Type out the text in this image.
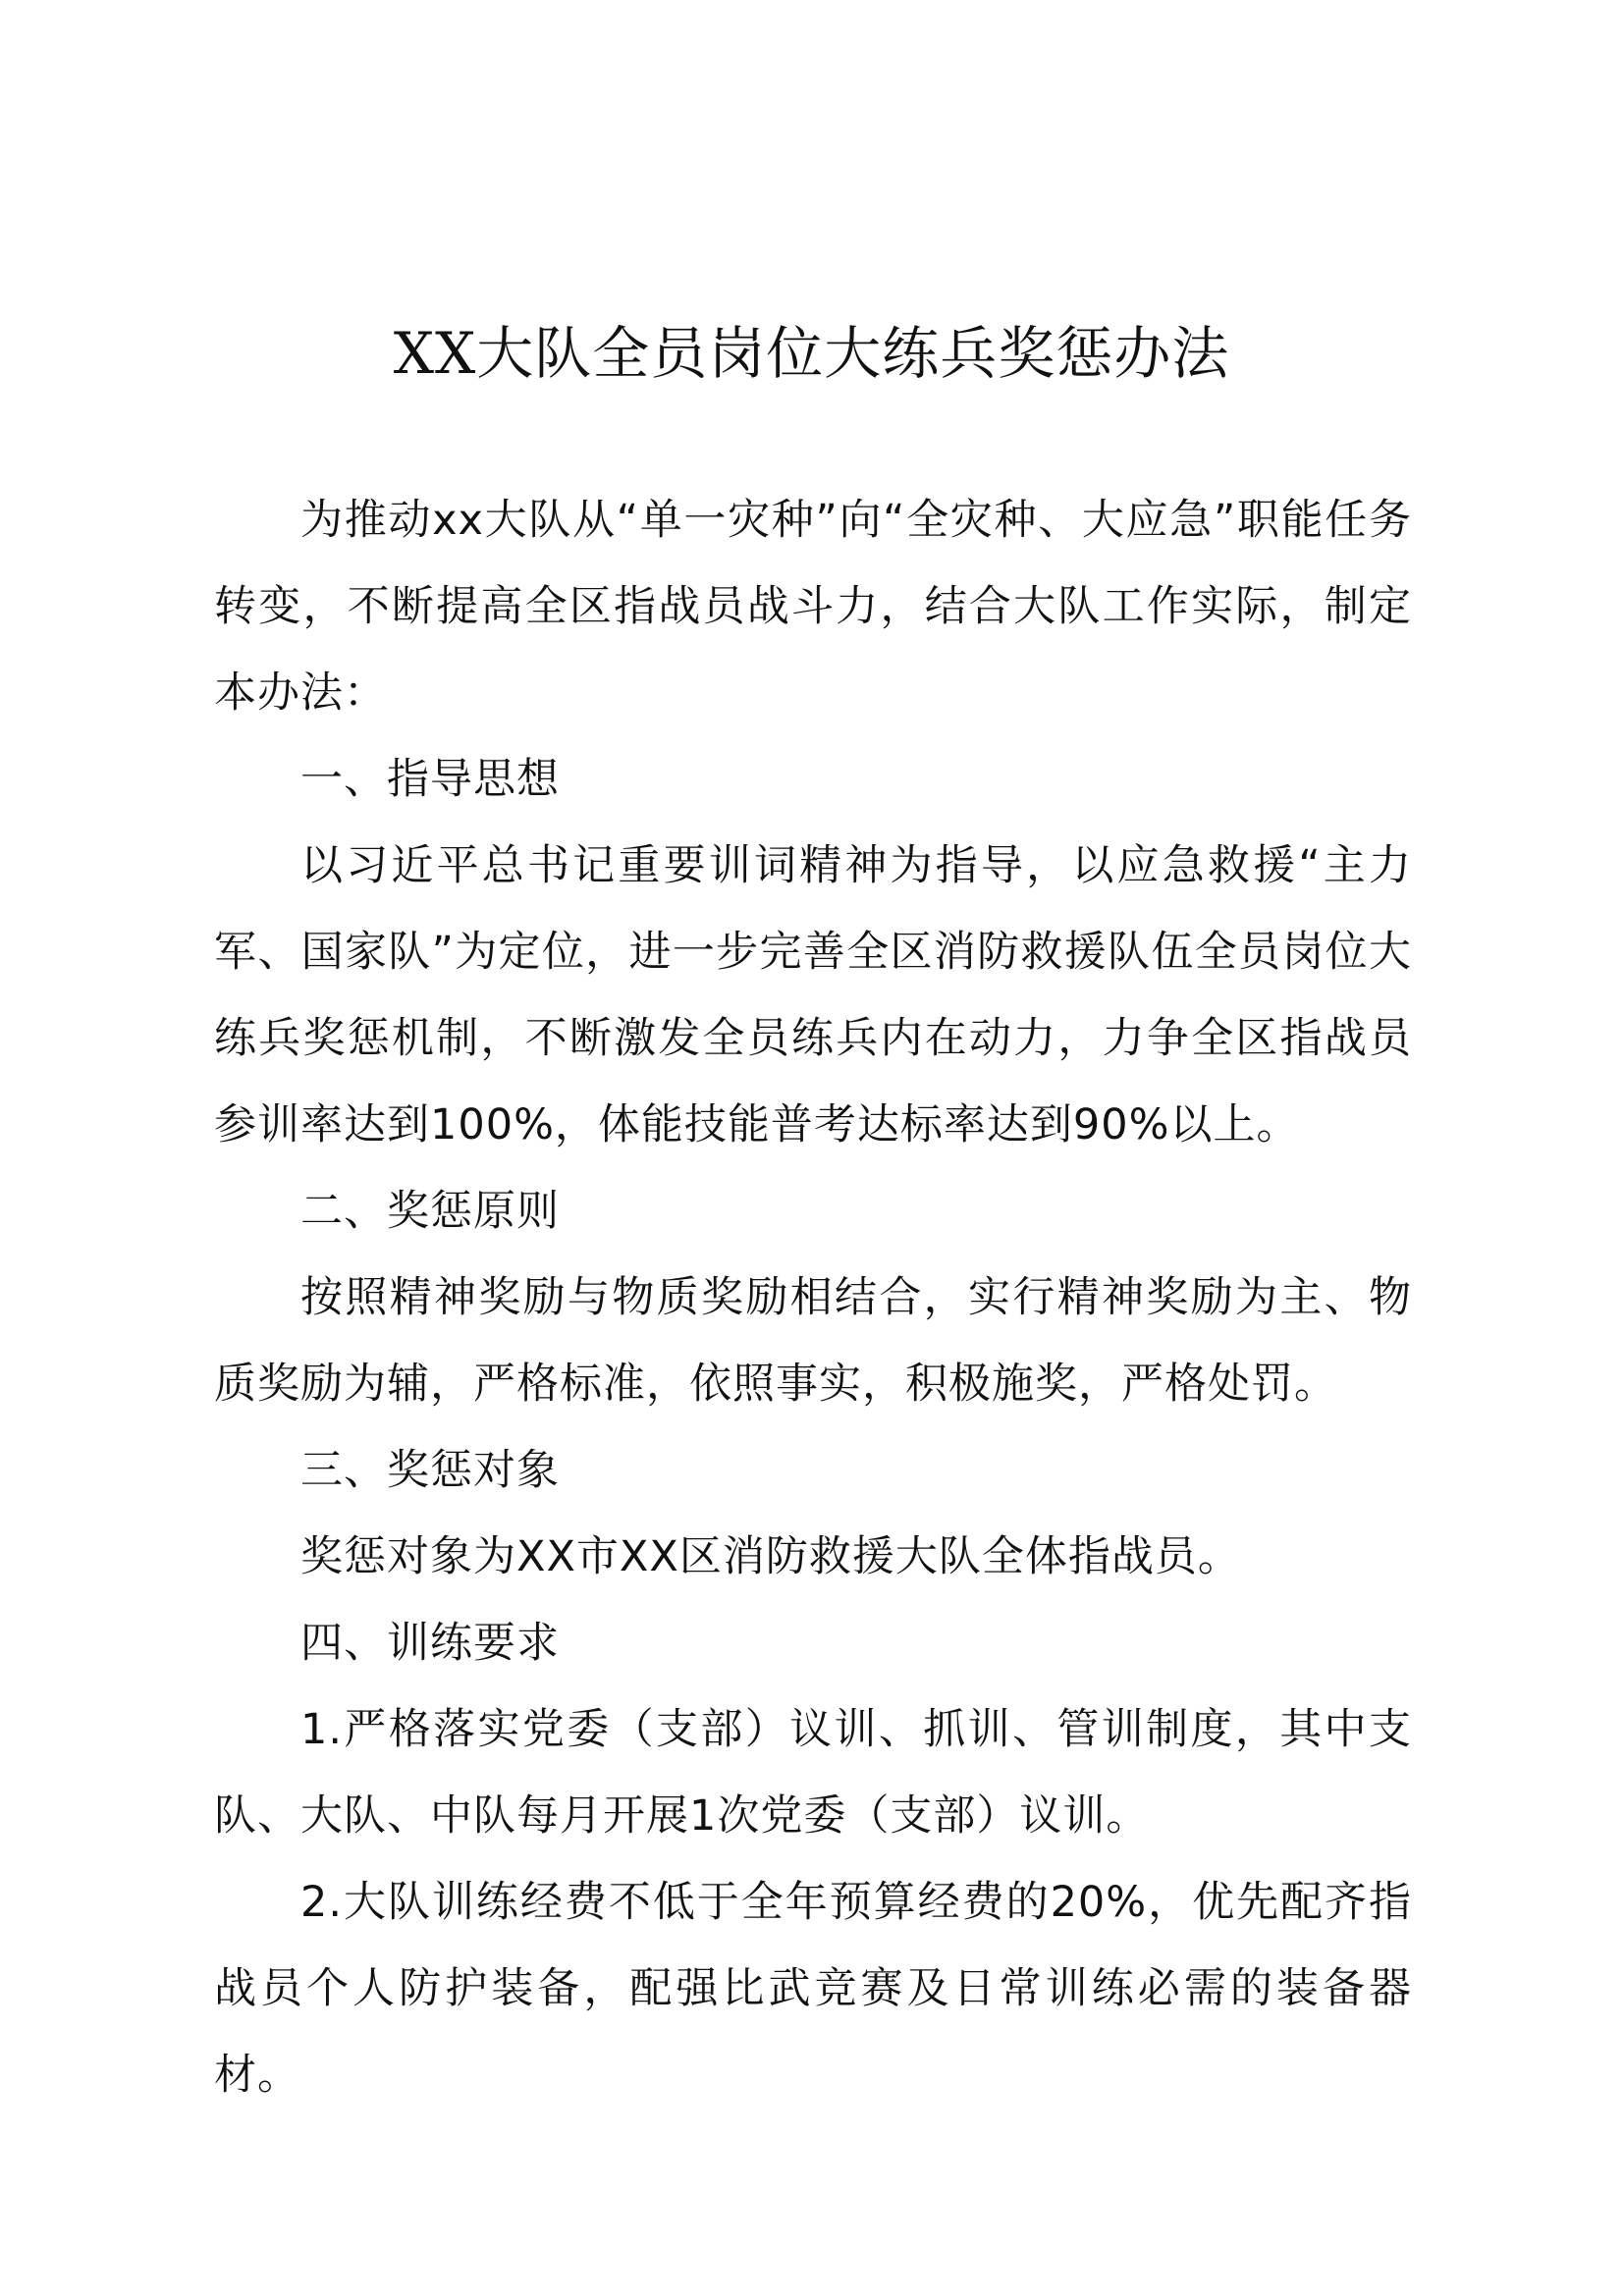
XX大队全员岗位大练兵奖惩办法

为推动xx大队从“单一灾种”向“全灾种、大应急”职能任务转变，不断提高全区指战员战斗力，结合大队工作实际，制定本办法：

一、指导思想

以习近平总书记重要训词精神为指导，以应急救援“主力军、国家队”为定位，进一步完善全区消防救援队伍全员岗位大练兵奖惩机制，不断激发全员练兵内在动力，力争全区指战员参训率达到100%，体能技能普考达标率达到90%以上。

二、奖惩原则

按照精神奖励与物质奖励相结合，实行精神奖励为主、物质奖励为辅，严格标准，依照事实，积极施奖，严格处罚。

三、奖惩对象

奖惩对象为XX市XX区消防救援大队全体指战员。

四、训练要求

1.严格落实党委（支部）议训、抓训、管训制度，其中支队、大队、中队每月开展1次党委（支部）议训。

2.大队训练经费不低于全年预算经费的20%，优先配齐指战员个人防护装备，配强比武竞赛及日常训练必需的装备器材。
